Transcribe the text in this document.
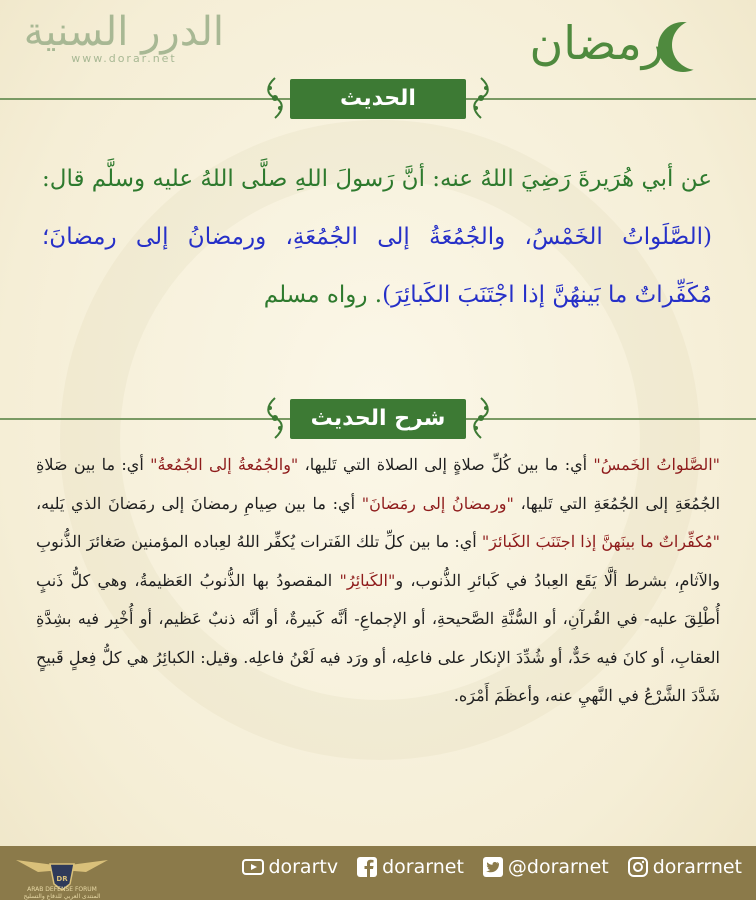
الدرر السنية
www.dorar.net	رمضان
الحديث
عن أبي هُرَيرةَ رَضِيَ اللهُ عنه: أنَّ رَسولَ اللهِ صلَّى اللهُ عليه وسلَّم قال: (الصَّلَواتُ الخَمْسُ، والجُمُعَةُ إلى الجُمُعَةِ، ورمضانُ إلى رمضانَ؛ مُكَفِّراتٌ ما بَينهُنَّ إذا اجْتَنَبَ الكَبائِرَ). رواه مسلم
شرح الحديث
"الصَّلواتُ الخَمسُ" أي: ما بين كُلِّ صلاةٍ إلى الصلاة التي تَليها، "والجُمُعةُ إلى الجُمُعةُ" أي: ما بين صَلاةِ الجُمُعَةِ إلى الجُمُعَةِ التي تَليها، "ورمضانُ إلى رمَضانَ" أي: ما بين صِيامِ رمضانَ إلى رمَضانَ الذي يَليه، "مُكفِّراتٌ ما بينَهنَّ إذا اجتَنَبَ الكَبائرَ" أي: ما بين كلِّ تلك الفَترات يُكفِّر اللهُ لعِباده المؤمنين صَغائرَ الذُّنوبِ والآثامِ، بشرط ألَّا يَقَع العِبادُ في كَبائرِ الذُّنوب، و"الكَبائِرُ" المقصودُ بها الذُّنوبُ العَظيمةُ، وهي كلُّ ذَنبٍ أُطْلِقَ عليه- في القُرآنِ، أو السُّنَّةِ الصَّحيحةِ، أو الإجماعِ- أنَّه كَبيرةٌ، أو أنَّه ذنبٌ عَظيم، أو أُخْبِر فيه بشِدَّةِ العقابِ، أو كانَ فيه حَدٌّ، أو شُدِّدَ الإنكار على فاعلِه، أو ورَد فيه لَعْنُ فاعلِه. وقيل: الكبائِرُ هي كلُّ فِعلٍ قَبيحٍ شَدَّدَ الشَّرْعُ في النَّهيِ عنه، وأعظَمَ أَمْرَه.
DR
ARAB DEFENSE FORUM
المنتدى العربي للدفاع والتسليح
dorartv dorarnet @dorarnet dorarrnet
